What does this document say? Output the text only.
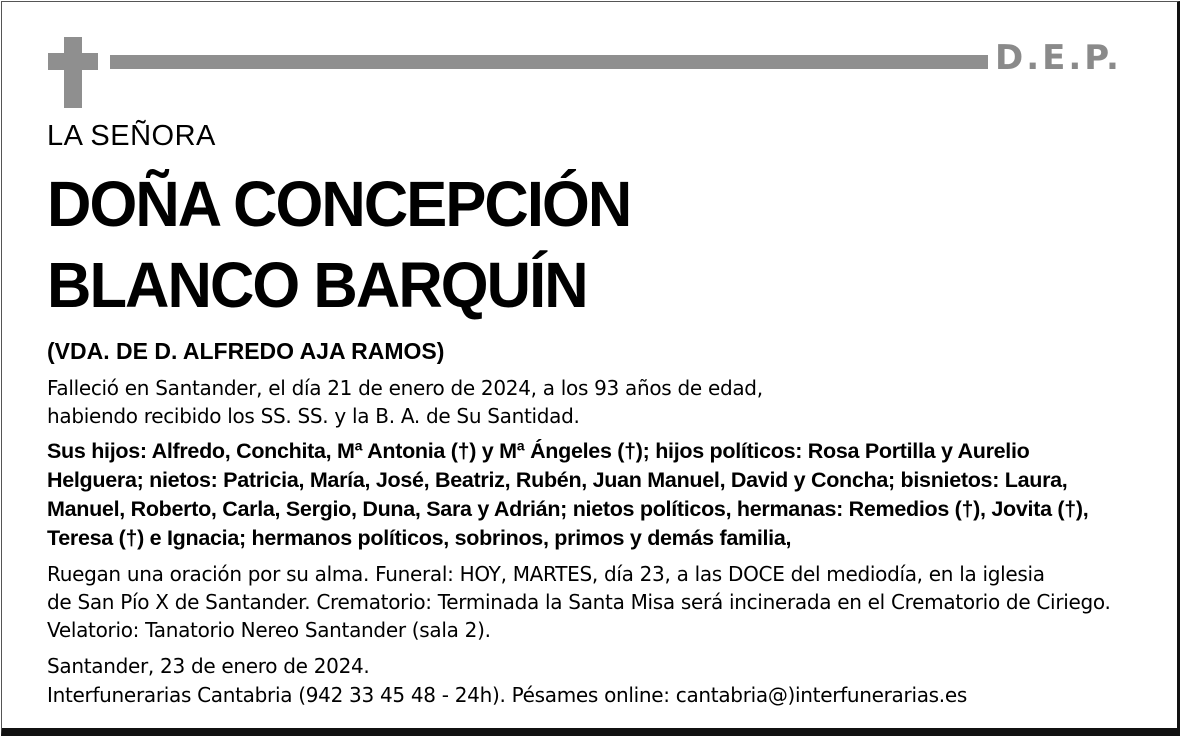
D.E.P.
LA SEÑORA
DOÑA CONCEPCIÓN
BLANCO BARQUÍN
(VDA. DE D. ALFREDO AJA RAMOS)
Falleció en Santander, el día 21 de enero de 2024, a los 93 años de edad,
habiendo recibido los SS. SS. y la B. A. de Su Santidad.
Sus hijos: Alfredo, Conchita, Mª Antonia (†) y Mª Ángeles (†); hijos políticos: Rosa Portilla y Aurelio
Helguera; nietos: Patricia, María, José, Beatriz, Rubén, Juan Manuel, David y Concha; bisnietos: Laura,
Manuel, Roberto, Carla, Sergio, Duna, Sara y Adrián; nietos políticos, hermanas: Remedios (†), Jovita (†),
Teresa (†) e Ignacia; hermanos políticos, sobrinos, primos y demás familia,
Ruegan una oración por su alma. Funeral: HOY, MARTES, día 23, a las DOCE del mediodía, en la iglesia
de San Pío X de Santander. Crematorio: Terminada la Santa Misa será incinerada en el Crematorio de Ciriego.
Velatorio: Tanatorio Nereo Santander (sala 2).
Santander, 23 de enero de 2024.
Interfunerarias Cantabria (942 33 45 48 - 24h). Pésames online: cantabria@)interfunerarias.es
